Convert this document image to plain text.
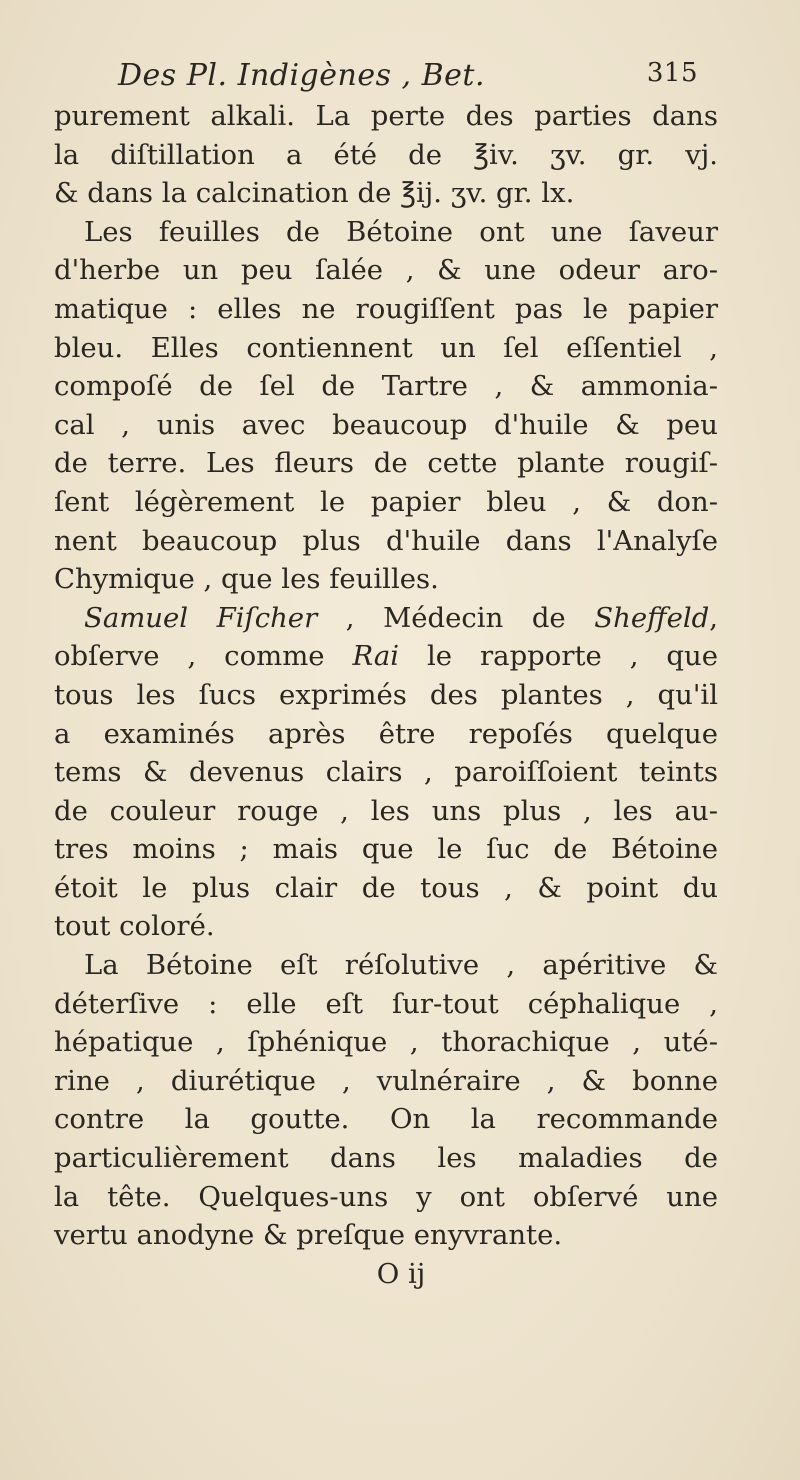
Des Pl. Indigènes , Bet.	315
purement alkali. La perte des parties dans
la diſtillation a été de ℥iv. ʒv. gr. vj.
& dans la calcination de ℥ij. ʒv. gr. lx.
Les feuilles de Bétoine ont une ſaveur
d'herbe un peu ſalée , & une odeur aro-
matique : elles ne rougiſſent pas le papier
bleu. Elles contiennent un ſel eſſentiel ,
compoſé de ſel de Tartre , & ammonia-
cal , unis avec beaucoup d'huile & peu
de terre. Les fleurs de cette plante rougiſ-
ſent légèrement le papier bleu , & don-
nent beaucoup plus d'huile dans l'Analyſe
Chymique , que les feuilles.
Samuel Fiſcher , Médecin de Sheffeld,
obſerve , comme Rai le rapporte , que
tous les ſucs exprimés des plantes , qu'il
a examinés après être repoſés quelque
tems & devenus clairs , paroiſſoient teints
de couleur rouge , les uns plus , les au-
tres moins ; mais que le ſuc de Bétoine
étoit le plus clair de tous , & point du
tout coloré.
La Bétoine eſt réſolutive , apéritive &
déterſive : elle eſt ſur-tout céphalique ,
hépatique , ſphénique , thorachique , uté-
rine , diurétique , vulnéraire , & bonne
contre la goutte. On la recommande
particulièrement dans les maladies de
la tête. Quelques-uns y ont obſervé une
vertu anodyne & preſque enyvrante.
O ij
